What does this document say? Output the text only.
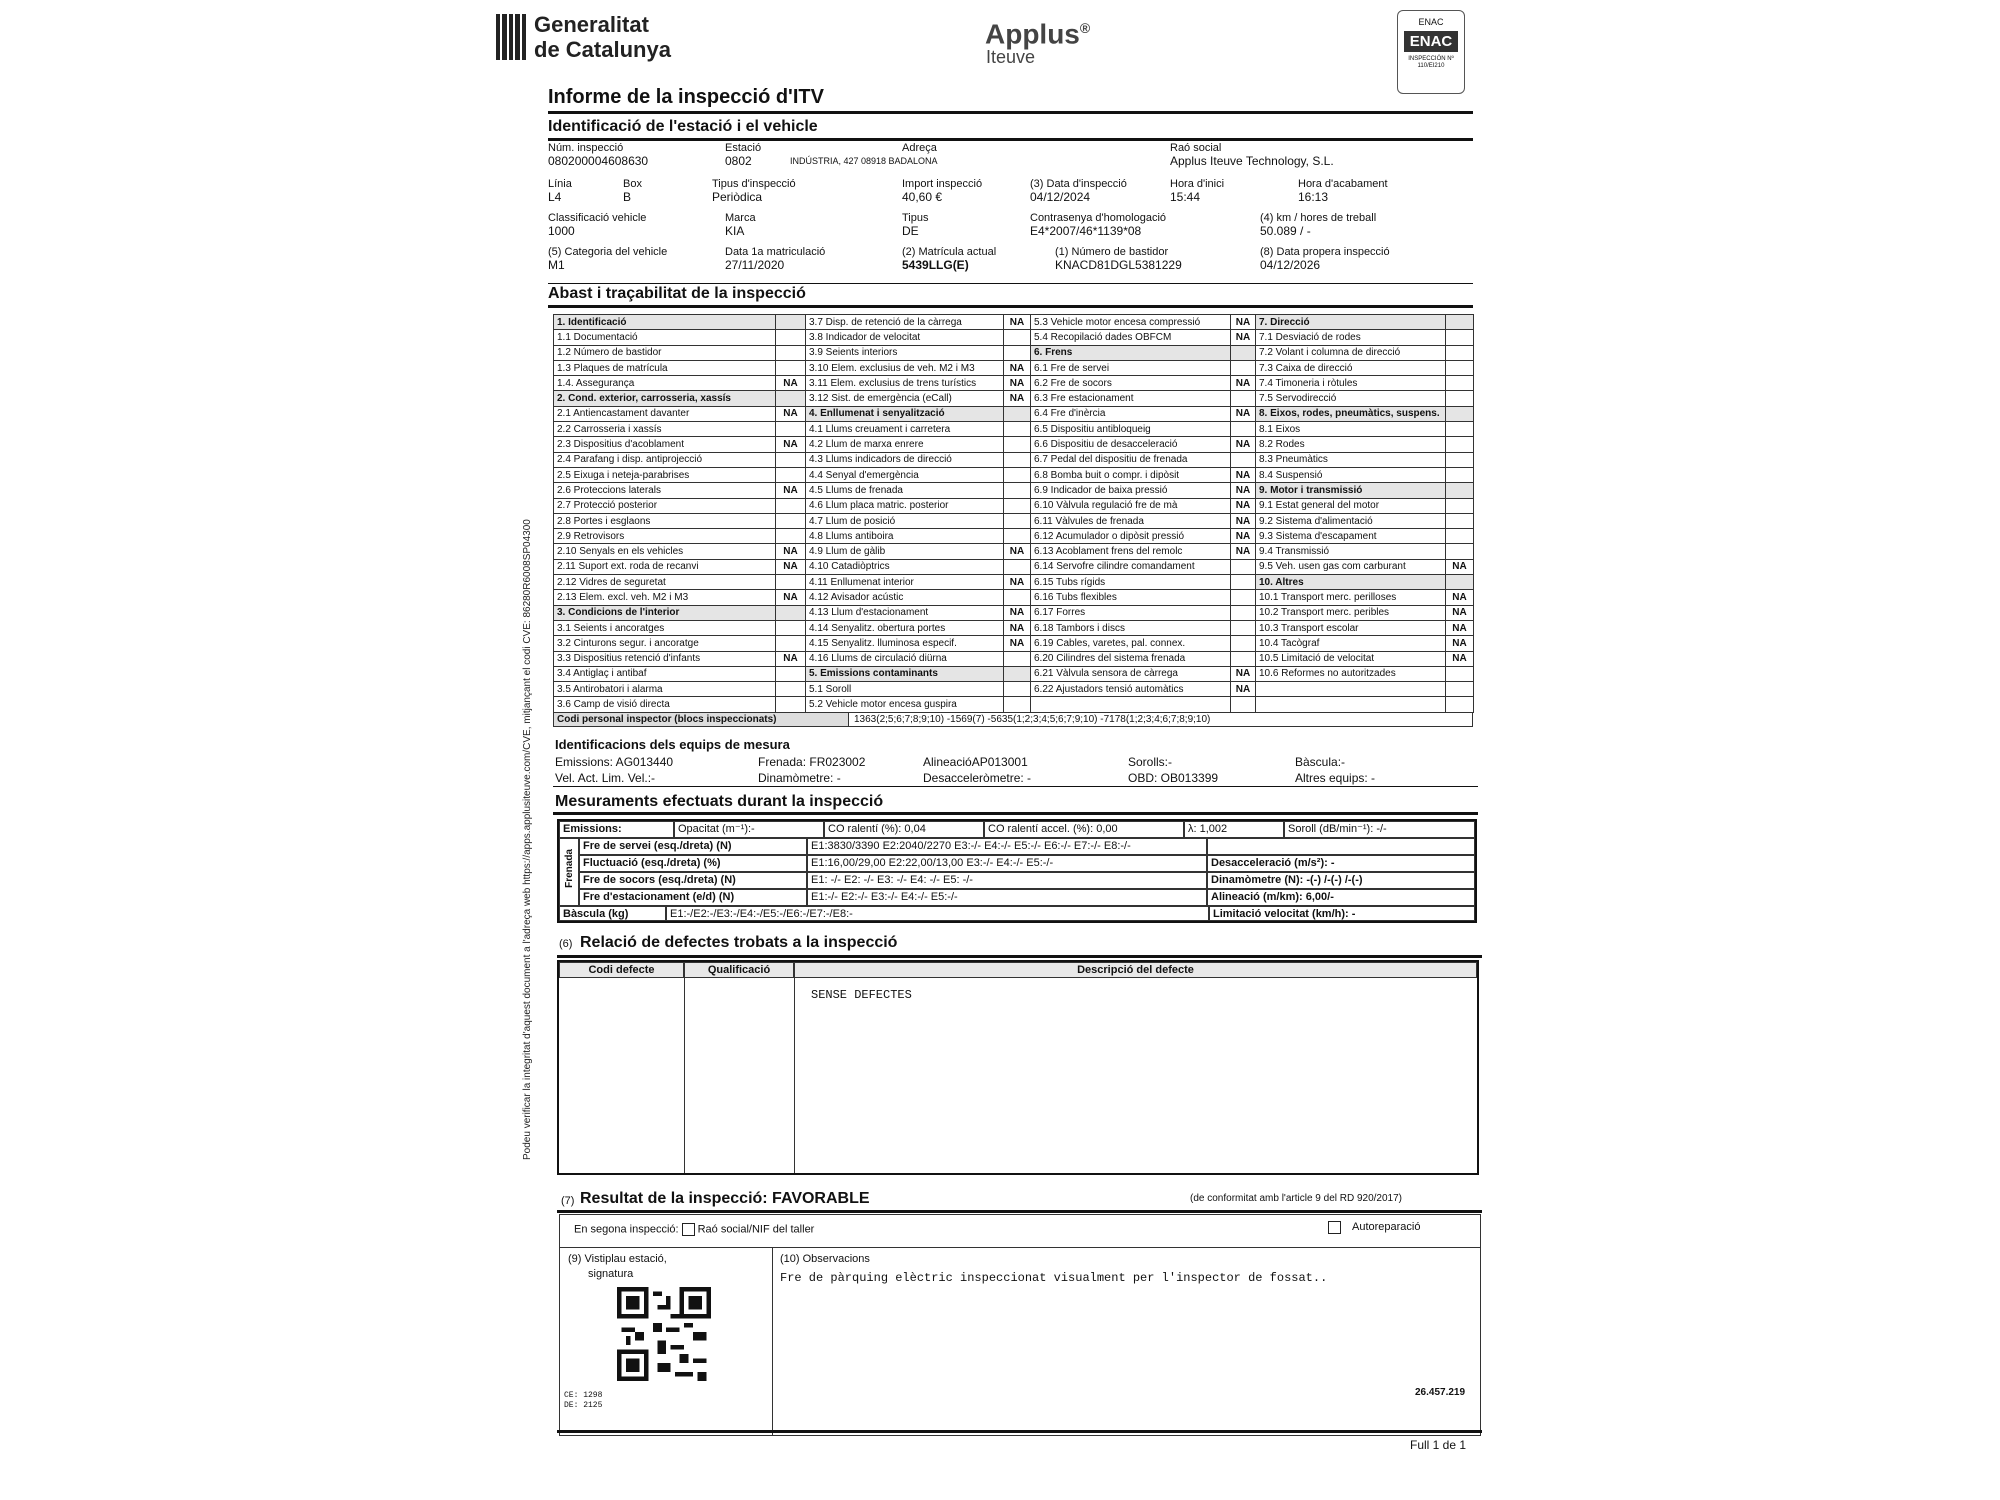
Generalitat
de Catalunya
Applus®
Iteuve
ENAC
ENAC
INSPECCIÓN Nº 110/EI210
Informe de la inspecció d'ITV
Identificació de l'estació i el vehicle
Núm. inspecció
080200004608630
Estació
0802
Adreça
INDÚSTRIA, 427 08918 BADALONA
Raó social
Applus Iteuve Technology, S.L.
Línia
L4
Box
B
Tipus d'inspecció
Periòdica
Import inspecció
40,60 €
(3) Data d'inspecció
04/12/2024
Hora d'inici
15:44
Hora d'acabament
16:13
Classificació vehicle
1000
Marca
KIA
Tipus
DE
Contrasenya d'homologació
E4*2007/46*1139*08
(4) km / hores de treball
50.089 / -
(5) Categoria del vehicle
M1
Data 1a matriculació
27/11/2020
(2) Matrícula actual
5439LLG(E)
(1) Número de bastidor
KNACD81DGL5381229
(8) Data propera inspecció
04/12/2026
Abast i traçabilitat de la inspecció
1. Identificació		3.7 Disp. de retenció de la càrrega	NA	5.3 Vehicle motor encesa compressió	NA	7. Direcció	
1.1 Documentació		3.8 Indicador de velocitat		5.4 Recopilació dades OBFCM	NA	7.1 Desviació de rodes	
1.2 Número de bastidor		3.9 Seients interiors		6. Frens		7.2 Volant i columna de direcció	
1.3 Plaques de matrícula		3.10 Elem. exclusius de veh. M2 i M3	NA	6.1 Fre de servei		7.3 Caixa de direcció	
1.4. Assegurança	NA	3.11 Elem. exclusius de trens turístics	NA	6.2 Fre de socors	NA	7.4 Timoneria i ròtules	
2. Cond. exterior, carrosseria, xassís		3.12 Sist. de emergència (eCall)	NA	6.3 Fre estacionament		7.5 Servodirecció	
2.1 Antiencastament davanter	NA	4. Enllumenat i senyalització		6.4 Fre d'inèrcia	NA	8. Eixos, rodes, pneumàtics, suspens.	
2.2 Carrosseria i xassís		4.1 Llums creuament i carretera		6.5 Dispositiu antibloqueig		8.1 Eixos	
2.3 Dispositius d'acoblament	NA	4.2 Llum de marxa enrere		6.6 Dispositiu de desacceleració	NA	8.2 Rodes	
2.4 Parafang i disp. antiprojecció		4.3 Llums indicadors de direcció		6.7 Pedal del dispositiu de frenada		8.3 Pneumàtics	
2.5 Eixuga i neteja-parabrises		4.4 Senyal d'emergència		6.8 Bomba buit o compr. i dipòsit	NA	8.4 Suspensió	
2.6 Proteccions laterals	NA	4.5 Llums de frenada		6.9 Indicador de baixa pressió	NA	9. Motor i transmissió	
2.7 Protecció posterior		4.6 Llum placa matric. posterior		6.10 Vàlvula regulació fre de mà	NA	9.1 Estat general del motor	
2.8 Portes i esglaons		4.7 Llum de posició		6.11 Vàlvules de frenada	NA	9.2 Sistema d'alimentació	
2.9 Retrovisors		4.8 Llums antiboira		6.12 Acumulador o dipòsit pressió	NA	9.3 Sistema d'escapament	
2.10 Senyals en els vehicles	NA	4.9 Llum de gàlib	NA	6.13 Acoblament frens del remolc	NA	9.4 Transmissió	
2.11 Suport ext. roda de recanvi	NA	4.10 Catadiòptrics		6.14 Servofre cilindre comandament		9.5 Veh. usen gas com carburant	NA
2.12 Vidres de seguretat		4.11 Enllumenat interior	NA	6.15 Tubs rígids		10. Altres	
2.13 Elem. excl. veh. M2 i M3	NA	4.12 Avisador acústic		6.16 Tubs flexibles		10.1 Transport merc. perilloses	NA
3. Condicions de l'interior		4.13 Llum d'estacionament	NA	6.17 Forres		10.2 Transport merc. peribles	NA
3.1 Seients i ancoratges		4.14 Senyalitz. obertura portes	NA	6.18 Tambors i discs		10.3 Transport escolar	NA
3.2 Cinturons segur. i ancoratge		4.15 Senyalitz. lluminosa especif.	NA	6.19 Cables, varetes, pal. connex.		10.4 Tacògraf	NA
3.3 Dispositius retenció d'infants	NA	4.16 Llums de circulació diürna		6.20 Cilindres del sistema frenada		10.5 Limitació de velocitat	NA
3.4 Antiglaç i antibaf		5. Emissions contaminants		6.21 Vàlvula sensora de càrrega	NA	10.6 Reformes no autoritzades	
3.5 Antirobatori i alarma		5.1 Soroll		6.22 Ajustadors tensió automàtics	NA		
3.6 Camp de visió directa		5.2 Vehicle motor encesa guspira					
Codi personal inspector (blocs inspeccionats)	1363(2;5;6;7;8;9;10) -1569(7) -5635(1;2;3;4;5;6;7;9;10) -7178(1;2;3;4;6;7;8;9;10)
Identificacions dels equips de mesura
Emissions: AG013440	Frenada: FR023002	AlineacióAP013001	Sorolls:-	Bàscula:-
Vel. Act. Lim. Vel.:-	Dinamòmetre: -	Desacceleròmetre: -	OBD: OB013399	Altres equips: -
Mesuraments efectuats durant la inspecció
Emissions:	Opacitat (m⁻¹):-	CO ralentí (%): 0,04	CO ralentí accel. (%): 0,00	λ: 1,002	Soroll (dB/min⁻¹): -/-
Frenada
Fre de servei (esq./dreta) (N)	E1:3830/3390 E2:2040/2270 E3:-/- E4:-/- E5:-/- E6:-/- E7:-/- E8:-/-
Fluctuació (esq./dreta) (%)	E1:16,00/29,00 E2:22,00/13,00 E3:-/- E4:-/- E5:-/-	Desacceleració (m/s²): -
Fre de socors (esq./dreta) (N)	E1: -/- E2: -/- E3: -/- E4: -/- E5: -/-	Dinamòmetre (N): -(-) /-(-) /-(-)
Fre d'estacionament (e/d) (N)	E1:-/- E2:-/- E3:-/- E4:-/- E5:-/-	Alineació (m/km): 6,00/-
Bàscula (kg)	E1:-/E2:-/E3:-/E4:-/E5:-/E6:-/E7:-/E8:-	Limitació velocitat (km/h): -
(6) Relació de defectes trobats a la inspecció
Codi defecte	Qualificació	Descripció del defecte
SENSE DEFECTES
(7) Resultat de la inspecció: FAVORABLE	(de conformitat amb l'article 9 del RD 920/2017)
En segona inspecció: Raó social/NIF del taller	Autoreparació
(9) Vistiplau estació,
signatura
(10) Observacions
Fre de pàrquing elèctric inspeccionat visualment per l'inspector de fossat..
CE: 1298
DE: 2125
26.457.219
Full 1 de 1
Podeu verificar la integritat d'aquest document a l'adreça web https://apps.applusiteuve.com/CVE, mitjançant el codi CVE: 86280R6008SP04300
